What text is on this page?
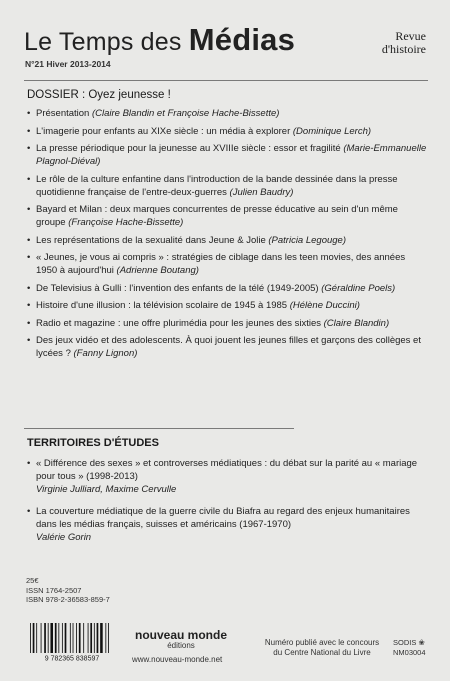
Le Temps des Médias
N°21 Hiver 2013-2014
Revue
d'histoire
DOSSIER : Oyez jeunesse !
• Présentation (Claire Blandin et Françoise Hache-Bissette)
• L'imagerie pour enfants au XIXe siècle : un média à explorer (Dominique Lerch)
• La presse périodique pour la jeunesse au XVIIIe siècle : essor et fragilité (Marie-Emmanuelle Plagnol-Diéval)
• Le rôle de la culture enfantine dans l'introduction de la bande dessinée dans la presse quotidienne française de l'entre-deux-guerres (Julien Baudry)
• Bayard et Milan : deux marques concurrentes de presse éducative au sein d'un même groupe (Françoise Hache-Bissette)
• Les représentations de la sexualité dans Jeune & Jolie (Patricia Legouge)
• « Jeunes, je vous ai compris » : stratégies de ciblage dans les teen movies, des années 1950 à aujourd'hui (Adrienne Boutang)
• De Televisius à Gulli : l'invention des enfants de la télé (1949-2005) (Géraldine Poels)
• Histoire d'une illusion : la télévision scolaire de 1945 à 1985 (Hélène Duccini)
• Radio et magazine : une offre plurimédia pour les jeunes des sixties (Claire Blandin)
• Des jeux vidéo et des adolescents. À quoi jouent les jeunes filles et garçons des collèges et lycées ? (Fanny Lignon)
TERRITOIRES D'ÉTUDES
• « Différence des sexes » et controverses médiatiques : du débat sur la parité au « mariage pour tous » (1998-2013)
Virginie Julliard, Maxime Cervulle
• La couverture médiatique de la guerre civile du Biafra au regard des enjeux humanitaires dans les médias français, suisses et américains (1967-1970)
Valérie Gorin
25€
ISSN 1764-2507
ISBN 978-2-36583-859-7
9 782365 838597
nouveau monde
éditions
www.nouveau-monde.net
Numéro publié avec le concours
du Centre National du Livre
SODIS ❀
NM03004
